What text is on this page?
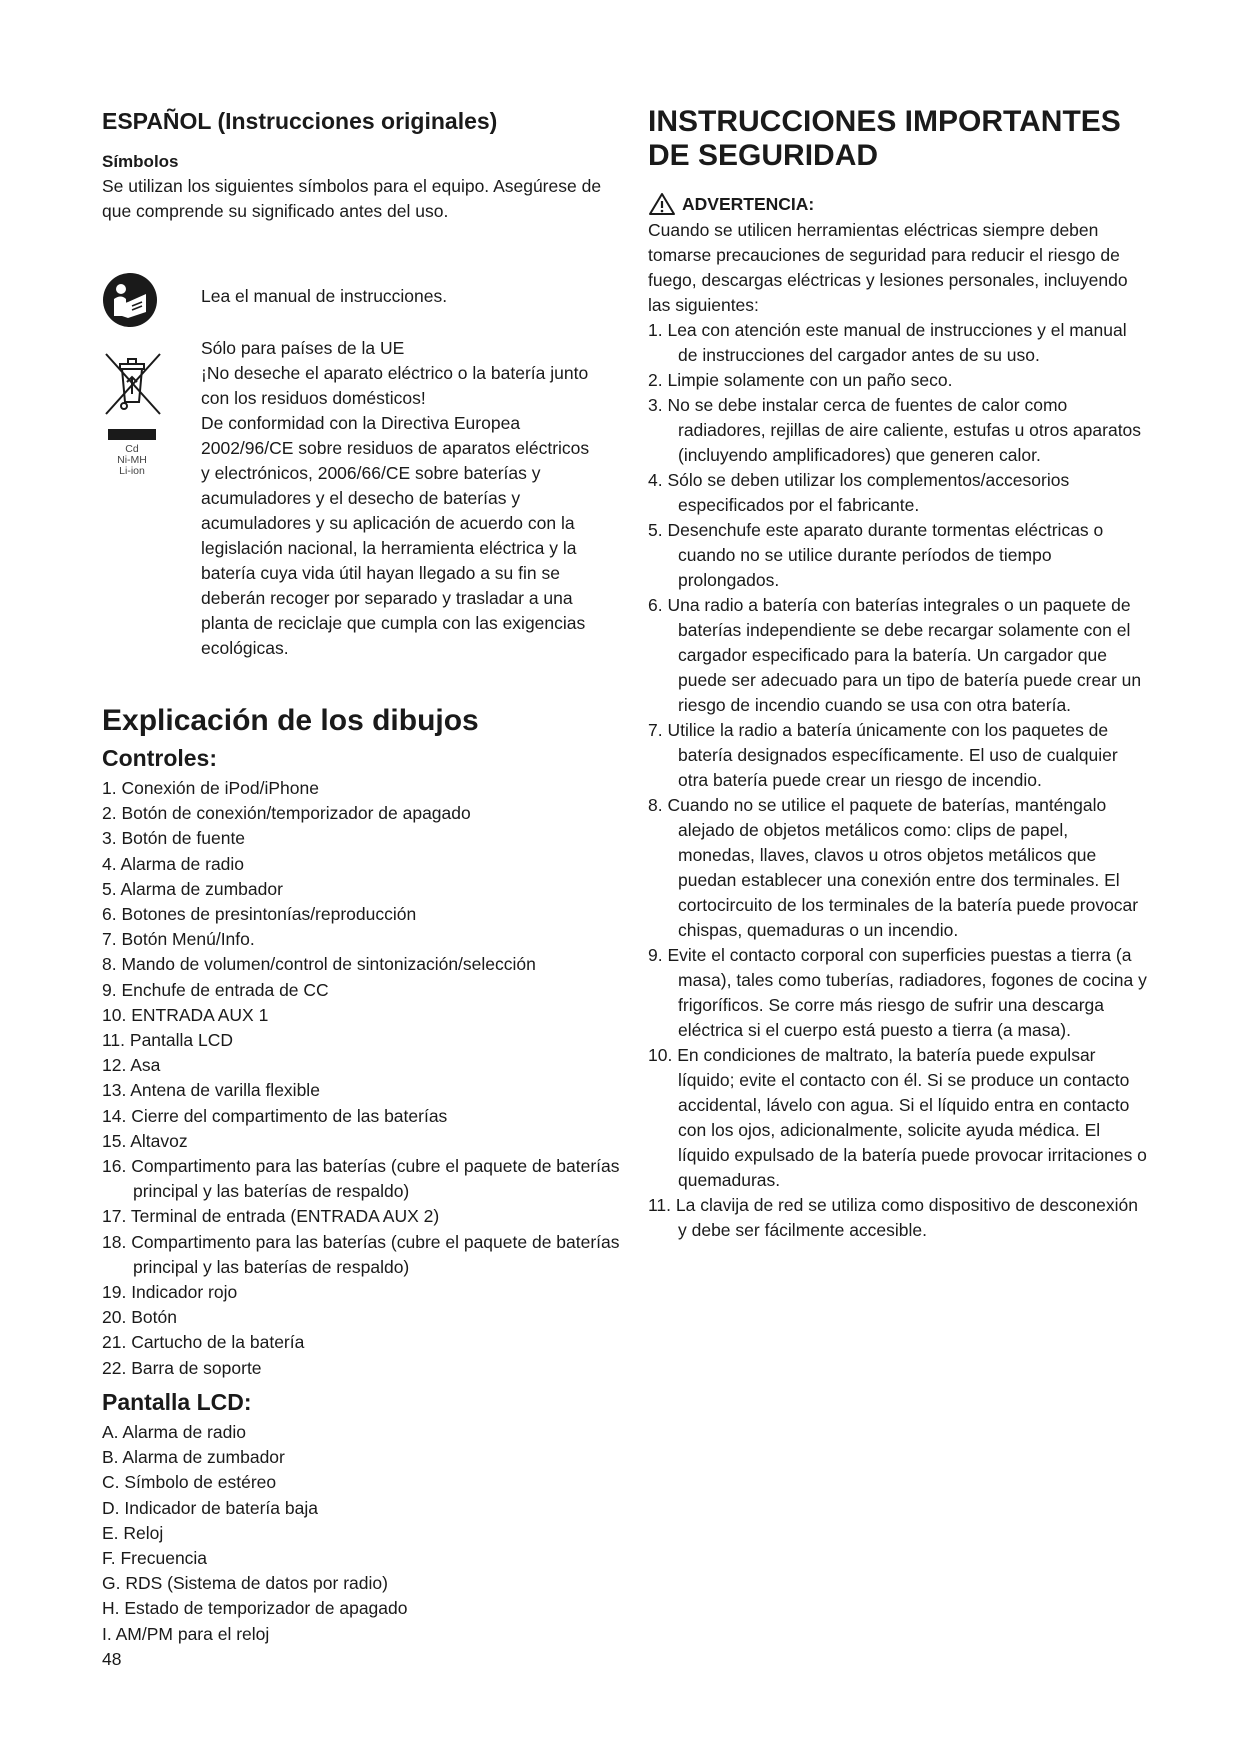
ESPAÑOL (Instrucciones originales)
Símbolos
Se utilizan los siguientes símbolos para el equipo. Asegúrese de que comprende su significado antes del uso.
Lea el manual de instrucciones.
Cd
Ni-MH
Li-ion
Sólo para países de la UE
¡No deseche el aparato eléctrico o la batería junto con los residuos domésticos!
De conformidad con la Directiva Europea 2002/96/CE sobre residuos de aparatos eléctricos y electrónicos, 2006/66/CE sobre baterías y acumuladores y el desecho de baterías y acumuladores y su aplicación de acuerdo con la legislación nacional, la herramienta eléctrica y la batería cuya vida útil hayan llegado a su fin se deberán recoger por separado y trasladar a una planta de reciclaje que cumpla con las exigencias ecológicas.
Explicación de los dibujos
Controles:
1. Conexión de iPod/iPhone
2. Botón de conexión/temporizador de apagado
3. Botón de fuente
4. Alarma de radio
5. Alarma de zumbador
6. Botones de presintonías/reproducción
7. Botón Menú/Info.
8. Mando de volumen/control de sintonización/selección
9. Enchufe de entrada de CC
10. ENTRADA AUX 1
11. Pantalla LCD
12. Asa
13. Antena de varilla flexible
14. Cierre del compartimento de las baterías
15. Altavoz
16. Compartimento para las baterías (cubre el paquete de baterías principal y las baterías de respaldo)
17. Terminal de entrada (ENTRADA AUX 2)
18. Compartimento para las baterías (cubre el paquete de baterías principal y las baterías de respaldo)
19. Indicador rojo
20. Botón
21. Cartucho de la batería
22. Barra de soporte
Pantalla LCD:
A. Alarma de radio
B. Alarma de zumbador
C. Símbolo de estéreo
D. Indicador de batería baja
E. Reloj
F. Frecuencia
G. RDS (Sistema de datos por radio)
H. Estado de temporizador de apagado
I. AM/PM para el reloj
48
INSTRUCCIONES IMPORTANTES DE SEGURIDAD
ADVERTENCIA:
Cuando se utilicen herramientas eléctricas siempre deben tomarse precauciones de seguridad para reducir el riesgo de fuego, descargas eléctricas y lesiones personales, incluyendo las siguientes:
1. Lea con atención este manual de instrucciones y el manual de instrucciones del cargador antes de su uso.
2. Limpie solamente con un paño seco.
3. No se debe instalar cerca de fuentes de calor como radiadores, rejillas de aire caliente, estufas u otros aparatos (incluyendo amplificadores) que generen calor.
4. Sólo se deben utilizar los complementos/accesorios especificados por el fabricante.
5. Desenchufe este aparato durante tormentas eléctricas o cuando no se utilice durante períodos de tiempo prolongados.
6. Una radio a batería con baterías integrales o un paquete de baterías independiente se debe recargar solamente con el cargador especificado para la batería. Un cargador que puede ser adecuado para un tipo de batería puede crear un riesgo de incendio cuando se usa con otra batería.
7. Utilice la radio a batería únicamente con los paquetes de batería designados específicamente. El uso de cualquier otra batería puede crear un riesgo de incendio.
8. Cuando no se utilice el paquete de baterías, manténgalo alejado de objetos metálicos como: clips de papel, monedas, llaves, clavos u otros objetos metálicos que puedan establecer una conexión entre dos terminales. El cortocircuito de los terminales de la batería puede provocar chispas, quemaduras o un incendio.
9. Evite el contacto corporal con superficies puestas a tierra (a masa), tales como tuberías, radiadores, fogones de cocina y frigoríficos. Se corre más riesgo de sufrir una descarga eléctrica si el cuerpo está puesto a tierra (a masa).
10. En condiciones de maltrato, la batería puede expulsar líquido; evite el contacto con él. Si se produce un contacto accidental, lávelo con agua. Si el líquido entra en contacto con los ojos, adicionalmente, solicite ayuda médica. El líquido expulsado de la batería puede provocar irritaciones o quemaduras.
11. La clavija de red se utiliza como dispositivo de desconexión y debe ser fácilmente accesible.
